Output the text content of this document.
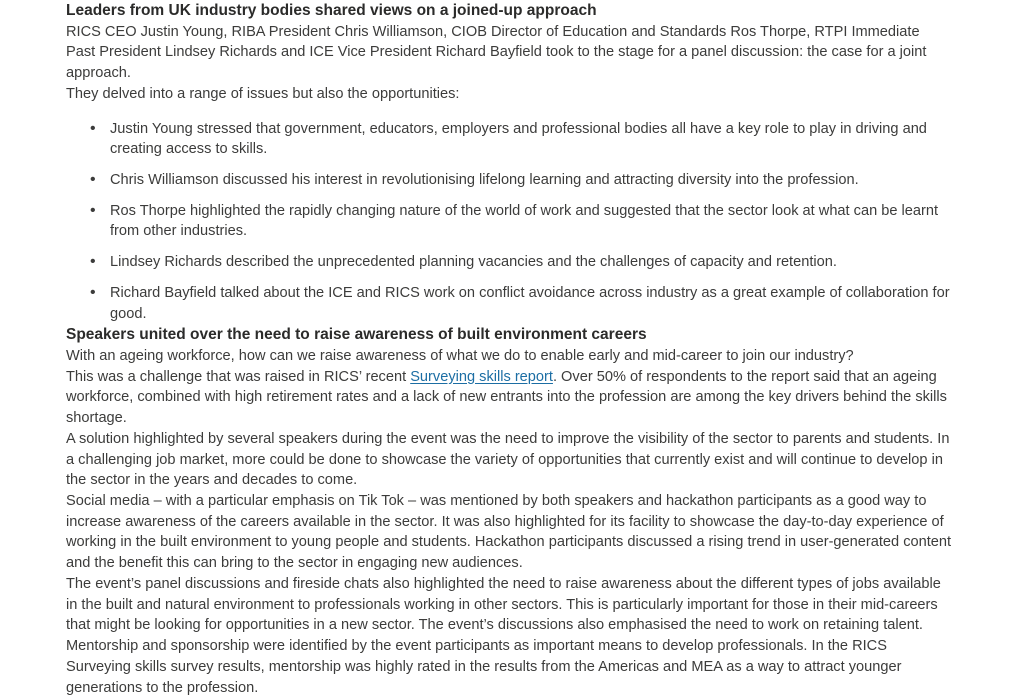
Leaders from UK industry bodies shared views on a joined-up approach

RICS CEO Justin Young, RIBA President Chris Williamson, CIOB Director of Education and Standards Ros Thorpe, RTPI Immediate Past President Lindsey Richards and ICE Vice President Richard Bayfield took to the stage for a panel discussion: the case for a joint approach.

They delved into a range of issues but also the opportunities:

• Justin Young stressed that government, educators, employers and professional bodies all have a key role to play in driving and creating access to skills.
• Chris Williamson discussed his interest in revolutionising lifelong learning and attracting diversity into the profession.
• Ros Thorpe highlighted the rapidly changing nature of the world of work and suggested that the sector look at what can be learnt from other industries.
• Lindsey Richards described the unprecedented planning vacancies and the challenges of capacity and retention.
• Richard Bayfield talked about the ICE and RICS work on conflict avoidance across industry as a great example of collaboration for good.
Speakers united over the need to raise awareness of built environment careers

With an ageing workforce, how can we raise awareness of what we do to enable early and mid-career to join our industry?

This was a challenge that was raised in RICS’ recent Surveying skills report. Over 50% of respondents to the report said that an ageing workforce, combined with high retirement rates and a lack of new entrants into the profession are among the key drivers behind the skills shortage.

A solution highlighted by several speakers during the event was the need to improve the visibility of the sector to parents and students. In a challenging job market, more could be done to showcase the variety of opportunities that currently exist and will continue to develop in the sector in the years and decades to come.

Social media – with a particular emphasis on Tik Tok – was mentioned by both speakers and hackathon participants as a good way to increase awareness of the careers available in the sector. It was also highlighted for its facility to showcase the day-to-day experience of working in the built environment to young people and students. Hackathon participants discussed a rising trend in user-generated content and the benefit this can bring to the sector in engaging new audiences.

The event’s panel discussions and fireside chats also highlighted the need to raise awareness about the different types of jobs available in the built and natural environment to professionals working in other sectors. This is particularly important for those in their mid-careers that might be looking for opportunities in a new sector. The event’s discussions also emphasised the need to work on retaining talent.

Mentorship and sponsorship were identified by the event participants as important means to develop professionals. In the RICS Surveying skills survey results, mentorship was highly rated in the results from the Americas and MEA as a way to attract younger generations to the profession.
